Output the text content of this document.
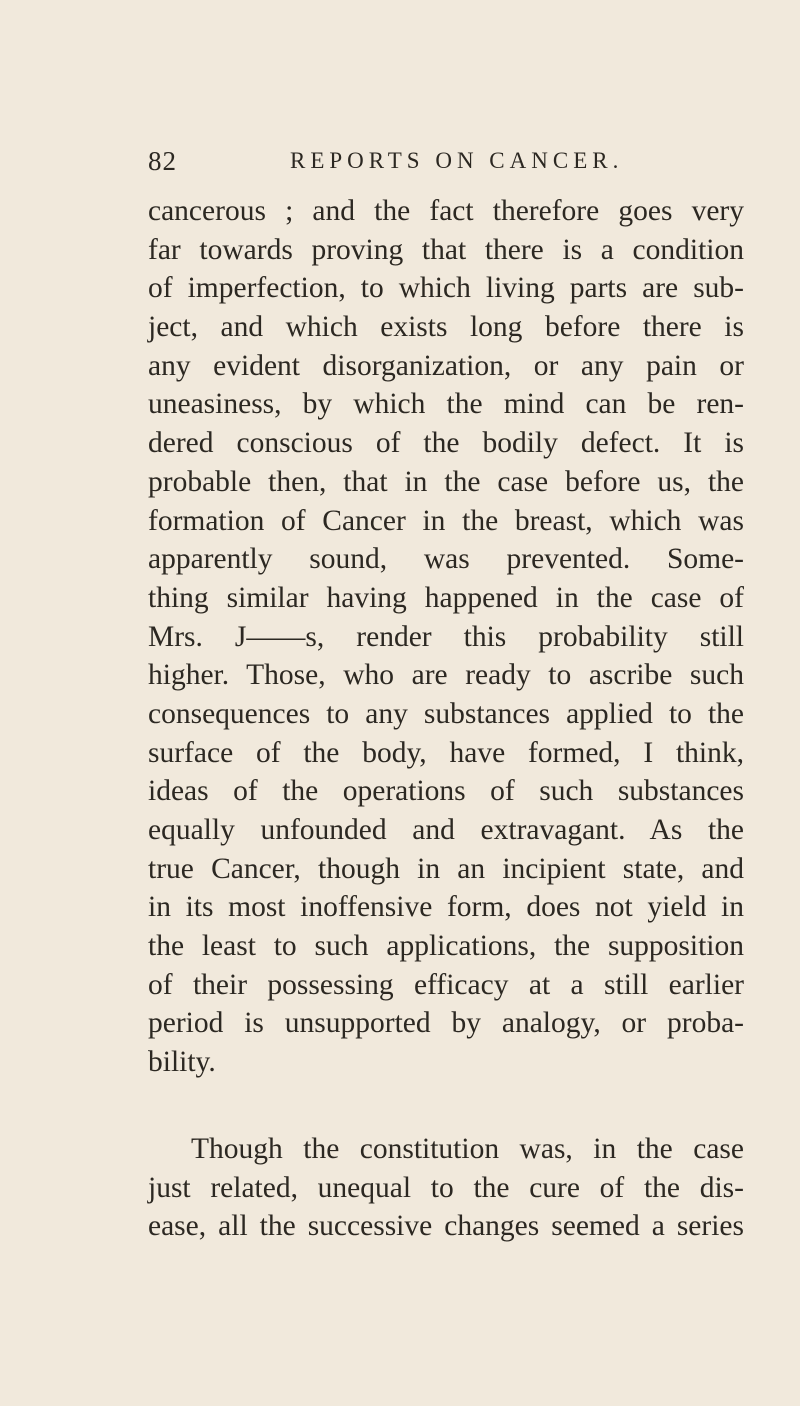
82	REPORTS ON CANCER.
cancerous ; and the fact therefore goes very
far towards proving that there is a condition
of imperfection, to which living parts are sub-
ject, and which exists long before there is
any evident disorganization, or any pain or
uneasiness, by which the mind can be ren-
dered conscious of the bodily defect. It is
probable then, that in the case before us, the
formation of Cancer in the breast, which was
apparently sound, was prevented. Some-
thing similar having happened in the case of
Mrs. J——s, render this probability still
higher. Those, who are ready to ascribe such
consequences to any substances applied to the
surface of the body, have formed, I think,
ideas of the operations of such substances
equally unfounded and extravagant. As the
true Cancer, though in an incipient state, and
in its most inoffensive form, does not yield in
the least to such applications, the supposition
of their possessing efficacy at a still earlier
period is unsupported by analogy, or proba-
bility.
Though the constitution was, in the case
just related, unequal to the cure of the dis-
ease, all the successive changes seemed a series
